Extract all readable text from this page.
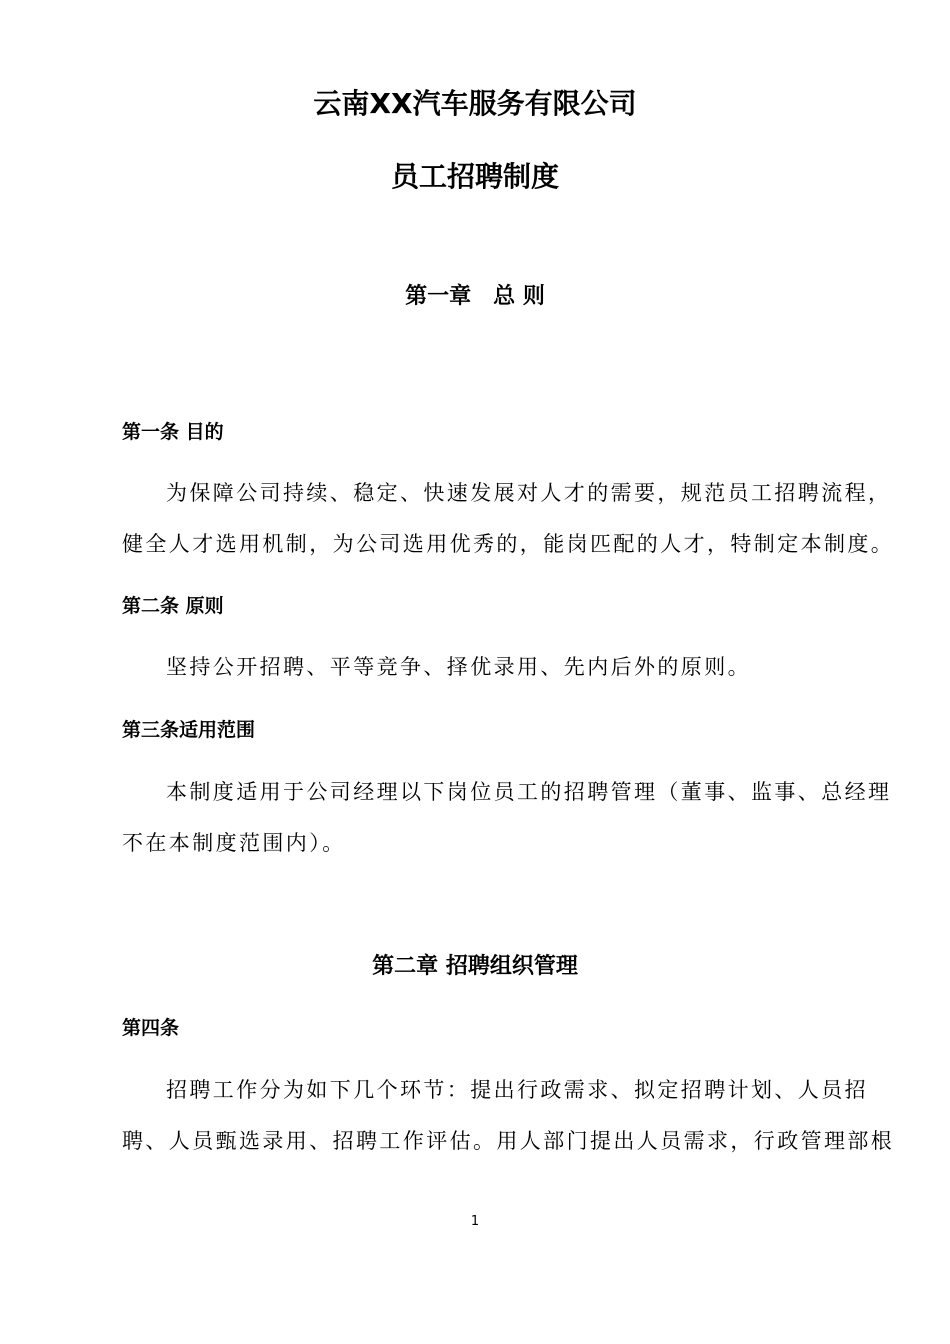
云南XX汽车服务有限公司
员工招聘制度
第一章　总 则
第一条 目的
为保障公司持续、稳定、快速发展对人才的需要，规范员工招聘流程，
健全人才选用机制，为公司选用优秀的，能岗匹配的人才，特制定本制度。
第二条 原则
坚持公开招聘、平等竞争、择优录用、先内后外的原则。
第三条适用范围
本制度适用于公司经理以下岗位员工的招聘管理（董事、监事、总经理
不在本制度范围内）。
第二章 招聘组织管理
第四条
招聘工作分为如下几个环节：提出行政需求、拟定招聘计划、人员招
聘、人员甄选录用、招聘工作评估。用人部门提出人员需求，行政管理部根
1
